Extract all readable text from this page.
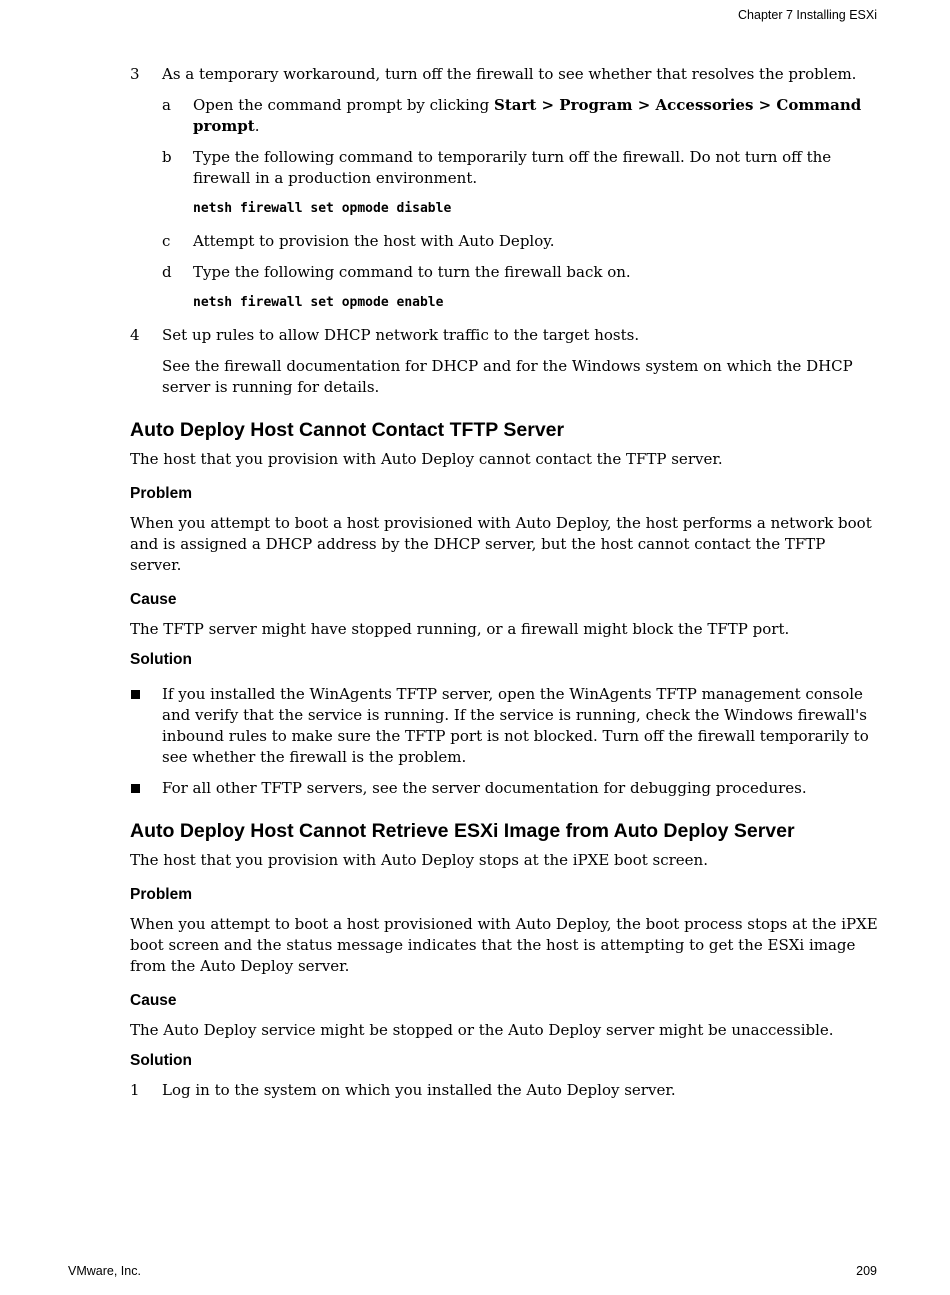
Chapter 7 Installing ESXi
3 As a temporary workaround, turn off the firewall to see whether that resolves the problem.

a Open the command prompt by clicking Start > Program > Accessories > Command prompt.

b Type the following command to temporarily turn off the firewall. Do not turn off the firewall in a production environment.

netsh firewall set opmode disable
c Attempt to provision the host with Auto Deploy.

d Type the following command to turn the firewall back on.

netsh firewall set opmode enable
4 Set up rules to allow DHCP network traffic to the target hosts.

See the firewall documentation for DHCP and for the Windows system on which the DHCP server is running for details.

Auto Deploy Host Cannot Contact TFTP Server

The host that you provision with Auto Deploy cannot contact the TFTP server.

Problem

When you attempt to boot a host provisioned with Auto Deploy, the host performs a network boot and is assigned a DHCP address by the DHCP server, but the host cannot contact the TFTP server.

Cause

The TFTP server might have stopped running, or a firewall might block the TFTP port.

Solution

If you installed the WinAgents TFTP server, open the WinAgents TFTP management console and verify that the service is running. If the service is running, check the Windows firewall's inbound rules to make sure the TFTP port is not blocked. Turn off the firewall temporarily to see whether the firewall is the problem.

For all other TFTP servers, see the server documentation for debugging procedures.

Auto Deploy Host Cannot Retrieve ESXi Image from Auto Deploy Server

The host that you provision with Auto Deploy stops at the iPXE boot screen.

Problem

When you attempt to boot a host provisioned with Auto Deploy, the boot process stops at the iPXE boot screen and the status message indicates that the host is attempting to get the ESXi image from the Auto Deploy server.

Cause

The Auto Deploy service might be stopped or the Auto Deploy server might be unaccessible.

Solution
1 Log in to the system on which you installed the Auto Deploy server.

VMware, Inc.	209
